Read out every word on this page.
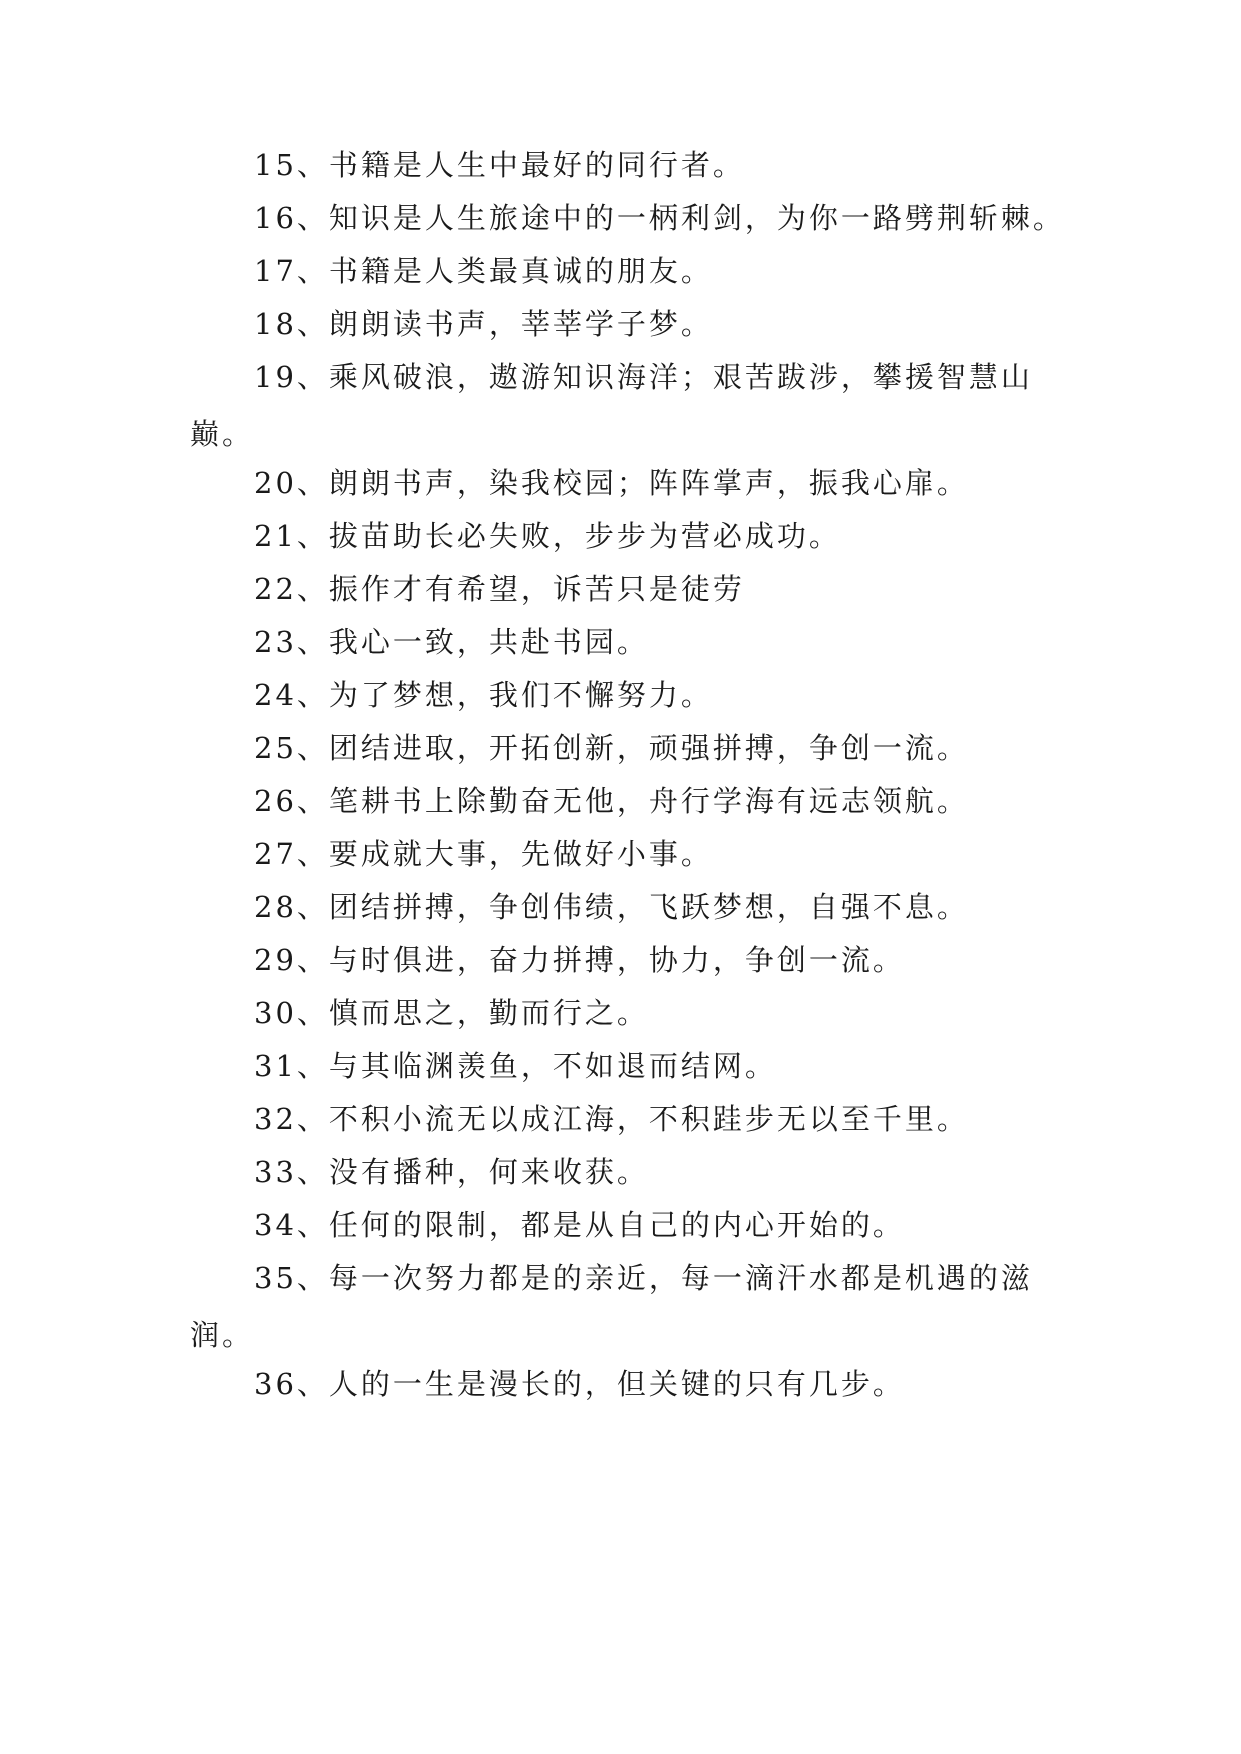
15、书籍是人生中最好的同行者。

16、知识是人生旅途中的一柄利剑，为你一路劈荆斩棘。

17、书籍是人类最真诚的朋友。

18、朗朗读书声，莘莘学子梦。

19、乘风破浪，遨游知识海洋；艰苦跋涉，攀援智慧山巅。

20、朗朗书声，染我校园；阵阵掌声，振我心扉。

21、拔苗助长必失败，步步为营必成功。

22、振作才有希望，诉苦只是徒劳

23、我心一致，共赴书园。

24、为了梦想，我们不懈努力。

25、团结进取，开拓创新，顽强拼搏，争创一流。

26、笔耕书上除勤奋无他，舟行学海有远志领航。

27、要成就大事，先做好小事。

28、团结拼搏，争创伟绩，飞跃梦想，自强不息。

29、与时俱进，奋力拼搏，协力，争创一流。

30、慎而思之，勤而行之。

31、与其临渊羡鱼，不如退而结网。

32、不积小流无以成江海，不积跬步无以至千里。

33、没有播种，何来收获。

34、任何的限制，都是从自己的内心开始的。

35、每一次努力都是的亲近，每一滴汗水都是机遇的滋润。

36、人的一生是漫长的，但关键的只有几步。
